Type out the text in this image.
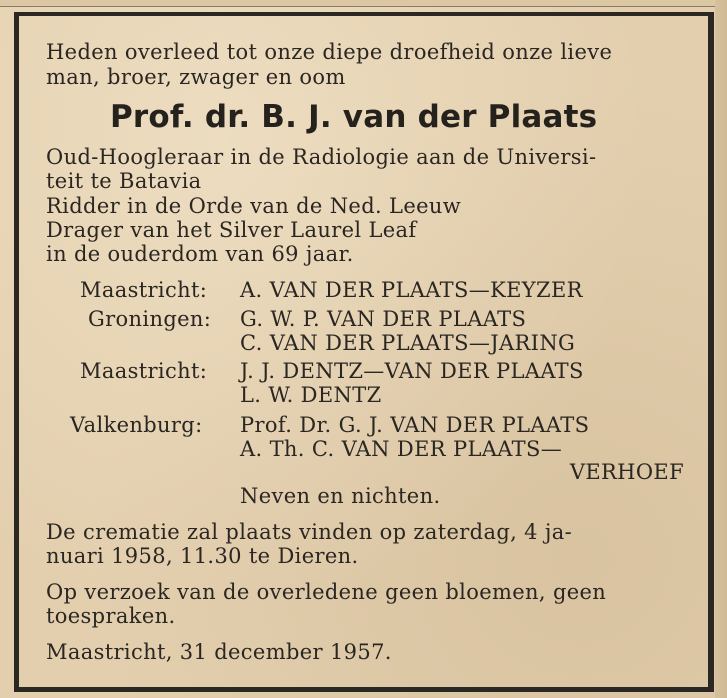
Heden overleed tot onze diepe droefheid onze lieve
man, broer, zwager en oom
Prof. dr. B. J. van der Plaats
Oud-Hoogleraar in de Radiologie aan de Universi-
teit te Batavia
Ridder in de Orde van de Ned. Leeuw
Drager van het Silver Laurel Leaf
in de ouderdom van 69 jaar.
Maastricht:
Groningen:
Maastricht:
Valkenburg:
A. VAN DER PLAATS—KEYZER
G. W. P. VAN DER PLAATS
C. VAN DER PLAATS—JARING
J. J. DENTZ—VAN DER PLAATS
L. W. DENTZ
Prof. Dr. G. J. VAN DER PLAATS
A. Th. C. VAN DER PLAATS—
VERHOEF
Neven en nichten.
De crematie zal plaats vinden op zaterdag, 4 ja-
nuari 1958, 11.30 te Dieren.
Op verzoek van de overledene geen bloemen, geen
toespraken.
Maastricht, 31 december 1957.
